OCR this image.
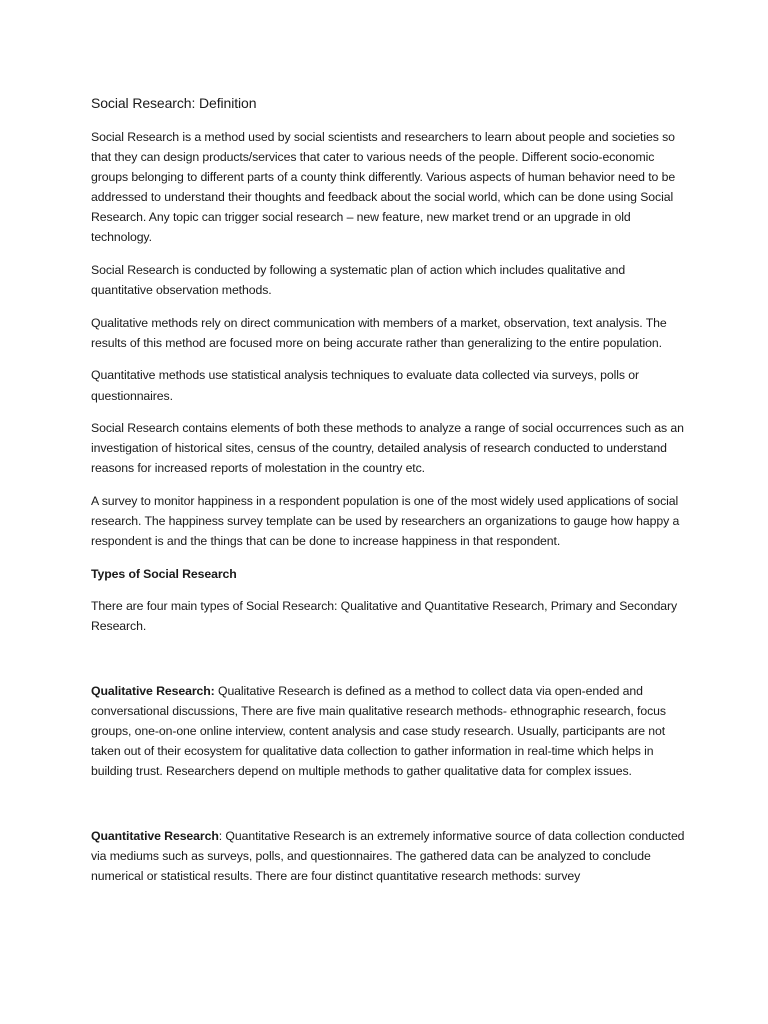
Social Research: Definition

Social Research is a method used by social scientists and researchers to learn about people and societies so that they can design products/services that cater to various needs of the people. Different socio-economic groups belonging to different parts of a county think differently. Various aspects of human behavior need to be addressed to understand their thoughts and feedback about the social world, which can be done using Social Research. Any topic can trigger social research – new feature, new market trend or an upgrade in old technology.

Social Research is conducted by following a systematic plan of action which includes qualitative and quantitative observation methods.

Qualitative methods rely on direct communication with members of a market, observation, text analysis. The results of this method are focused more on being accurate rather than generalizing to the entire population.

Quantitative methods use statistical analysis techniques to evaluate data collected via surveys, polls or questionnaires.

Social Research contains elements of both these methods to analyze a range of social occurrences such as an investigation of historical sites, census of the country, detailed analysis of research conducted to understand reasons for increased reports of molestation in the country etc.

A survey to monitor happiness in a respondent population is one of the most widely used applications of social research. The happiness survey template can be used by researchers an organizations to gauge how happy a respondent is and the things that can be done to increase happiness in that respondent.

Types of Social Research

There are four main types of Social Research: Qualitative and Quantitative Research, Primary and Secondary Research.

Qualitative Research: Qualitative Research is defined as a method to collect data via open-ended and conversational discussions, There are five main qualitative research methods- ethnographic research, focus groups, one-on-one online interview, content analysis and case study research. Usually, participants are not taken out of their ecosystem for qualitative data collection to gather information in real-time which helps in building trust. Researchers depend on multiple methods to gather qualitative data for complex issues.

Quantitative Research: Quantitative Research is an extremely informative source of data collection conducted via mediums such as surveys, polls, and questionnaires. The gathered data can be analyzed to conclude numerical or statistical results. There are four distinct quantitative research methods: survey
